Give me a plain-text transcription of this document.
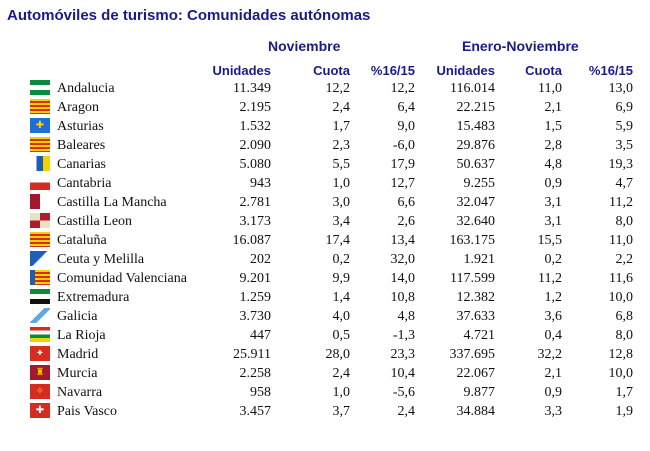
Automóviles de turismo: Comunidades autónomas
Noviembre	Enero-Noviembre
Unidades	Cuota %16/15 Unidades Cuota %16/15
Andalucia	11.349	12,2	12,2	116.014	11,0	13,0
Aragon	2.195	2,4	6,4	22.215	2,1	6,9
✚ Asturias	1.532	1,7	9,0	15.483	1,5	5,9
Baleares	2.090	2,3	-6,0	29.876	2,8	3,5
Canarias	5.080	5,5	17,9	50.637	4,8	19,3
Cantabria	943	1,0	12,7	9.255	0,9	4,7
Castilla La Mancha	2.781	3,0	6,6	32.047	3,1	11,2
Castilla Leon	3.173	3,4	2,6	32.640	3,1	8,0
Cataluña	16.087	17,4	13,4 163.175	15,5	11,0
Ceuta y Melilla	202	0,2	32,0	1.921	0,2	2,2
Comunidad Valenciana	9.201	9,9	14,0	117.599	11,2	11,6
Extremadura	1.259	1,4	10,8	12.382	1,2	10,0
Galicia	3.730	4,0	4,8	37.633	3,6	6,8
La Rioja	447	0,5	-1,3	4.721	0,4	8,0
✦ Madrid	25.911	28,0	23,3 337.695	32,2	12,8
♜ Murcia	2.258	2,4	10,4	22.067	2,1	10,0
✧ Navarra	958	1,0	-5,6	9.877	0,9	1,7
✚ Pais Vasco	3.457	3,7	2,4	34.884	3,3	1,9
